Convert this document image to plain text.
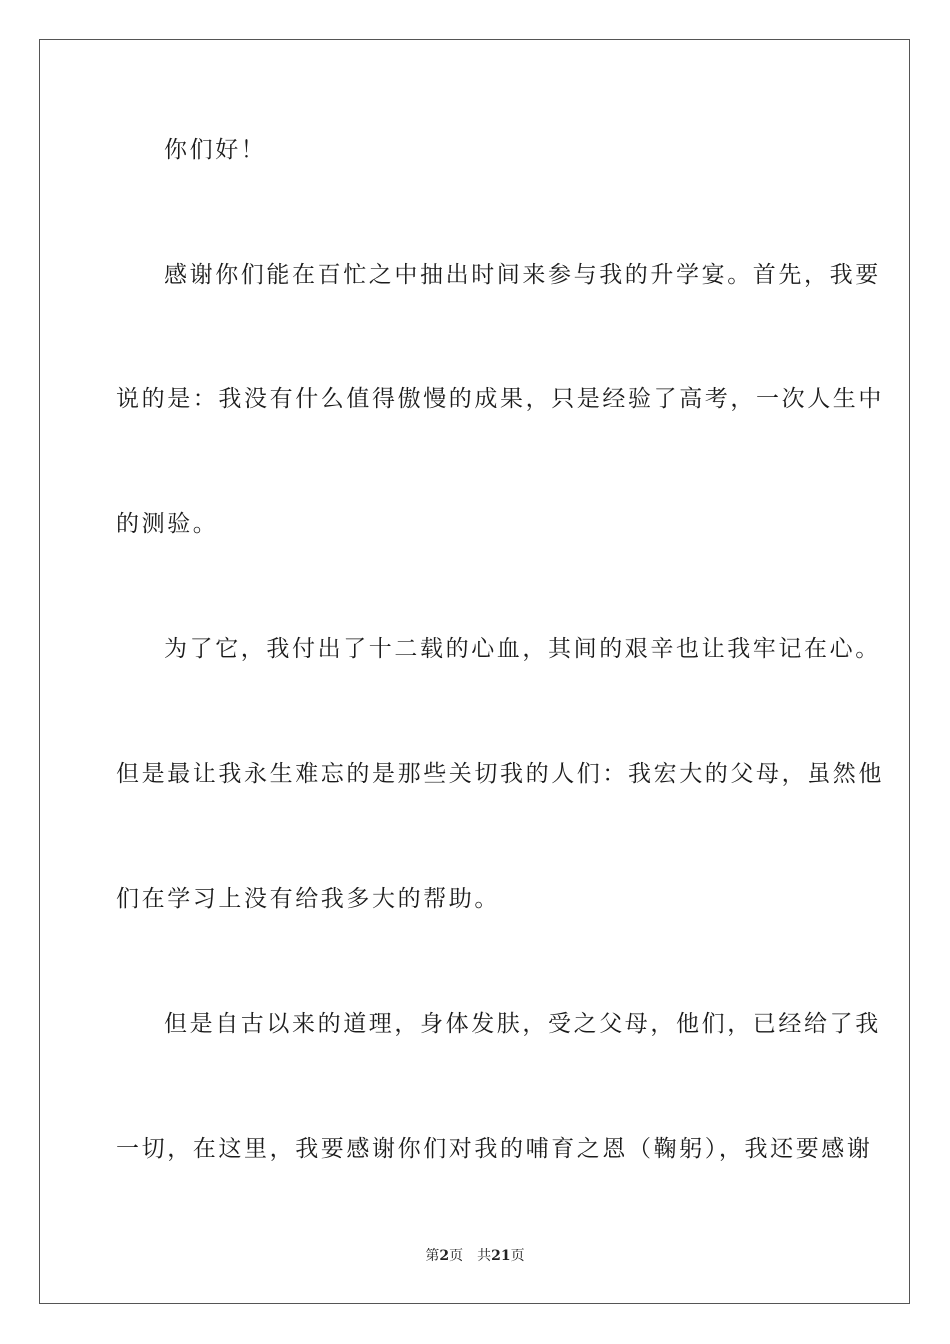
你们好！
感谢你们能在百忙之中抽出时间来参与我的升学宴。首先，我要
说的是：我没有什么值得傲慢的成果，只是经验了高考，一次人生中
的测验。
为了它，我付出了十二载的心血，其间的艰辛也让我牢记在心。
但是最让我永生难忘的是那些关切我的人们：我宏大的父母，虽然他
们在学习上没有给我多大的帮助。
但是自古以来的道理，身体发肤，受之父母，他们，已经给了我
一切，在这里，我要感谢你们对我的哺育之恩（鞠躬），我还要感谢
第2页 共21页
